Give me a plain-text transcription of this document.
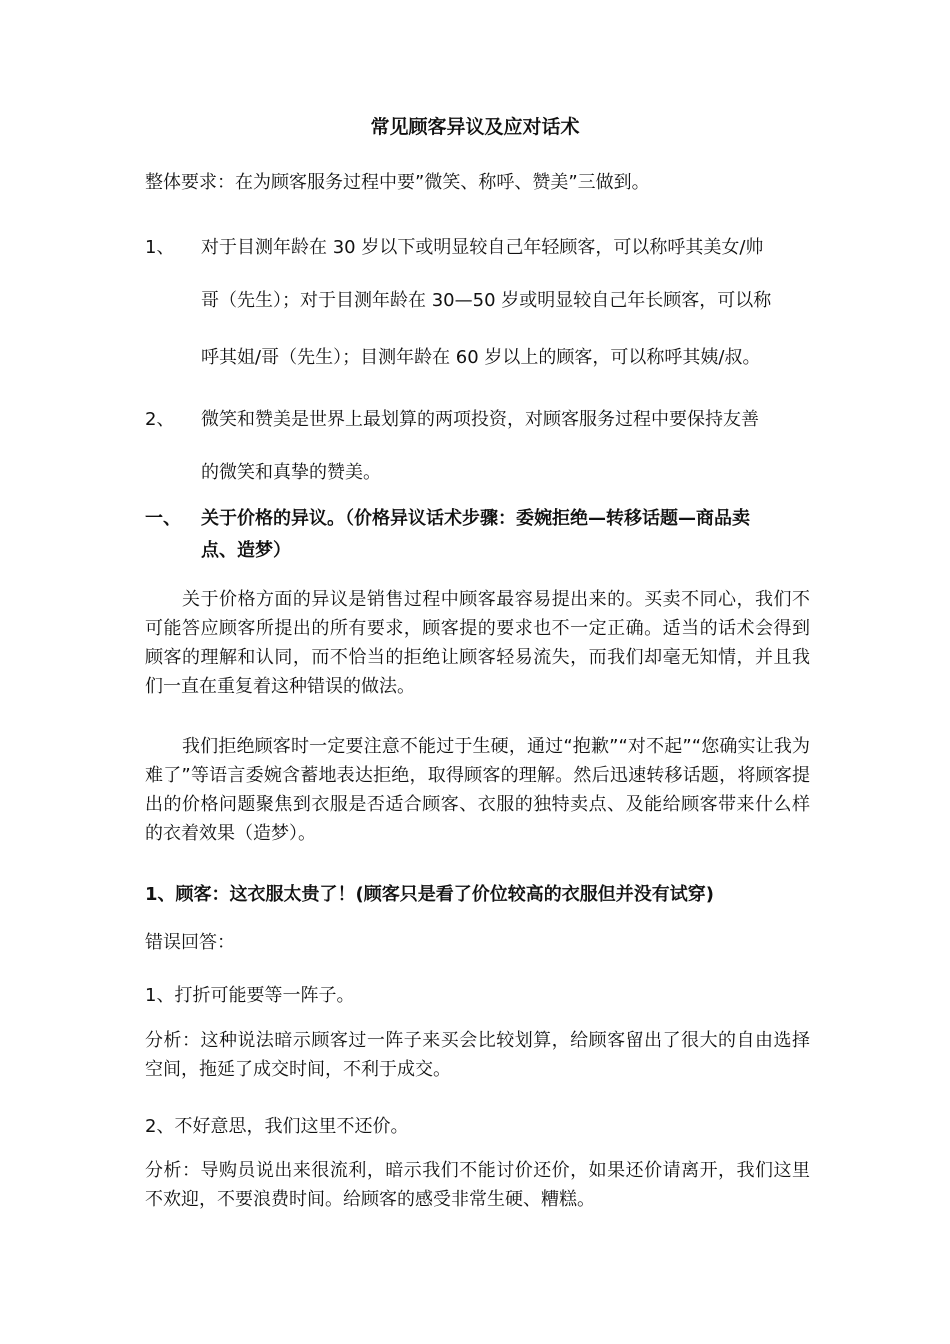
常见顾客异议及应对话术
整体要求：在为顾客服务过程中要”微笑、称呼、赞美”三做到。
1、 对于目测年龄在 30 岁以下或明显较自己年轻顾客，可以称呼其美女/帅
哥（先生）；对于目测年龄在 30—50 岁或明显较自己年长顾客，可以称
呼其姐/哥（先生）；目测年龄在 60 岁以上的顾客，可以称呼其姨/叔。
2、 微笑和赞美是世界上最划算的两项投资，对顾客服务过程中要保持友善
的微笑和真挚的赞美。
一、 关于价格的异议。（价格异议话术步骤：委婉拒绝—转移话题—商品卖
点、造梦）
关于价格方面的异议是销售过程中顾客最容易提出来的。买卖不同心，我们不可能答应顾客所提出的所有要求，顾客提的要求也不一定正确。适当的话术会得到顾客的理解和认同，而不恰当的拒绝让顾客轻易流失，而我们却毫无知情，并且我们一直在重复着这种错误的做法。
我们拒绝顾客时一定要注意不能过于生硬，通过“抱歉”“对不起”“您确实让我为难了”等语言委婉含蓄地表达拒绝，取得顾客的理解。然后迅速转移话题，将顾客提出的价格问题聚焦到衣服是否适合顾客、衣服的独特卖点、及能给顾客带来什么样的衣着效果（造梦）。
1、顾客：这衣服太贵了！(顾客只是看了价位较高的衣服但并没有试穿)
错误回答：
1、打折可能要等一阵子。
分析：这种说法暗示顾客过一阵子来买会比较划算，给顾客留出了很大的自由选择空间，拖延了成交时间，不利于成交。
2、不好意思，我们这里不还价。
分析：导购员说出来很流利，暗示我们不能讨价还价，如果还价请离开，我们这里不欢迎，不要浪费时间。给顾客的感受非常生硬、糟糕。
